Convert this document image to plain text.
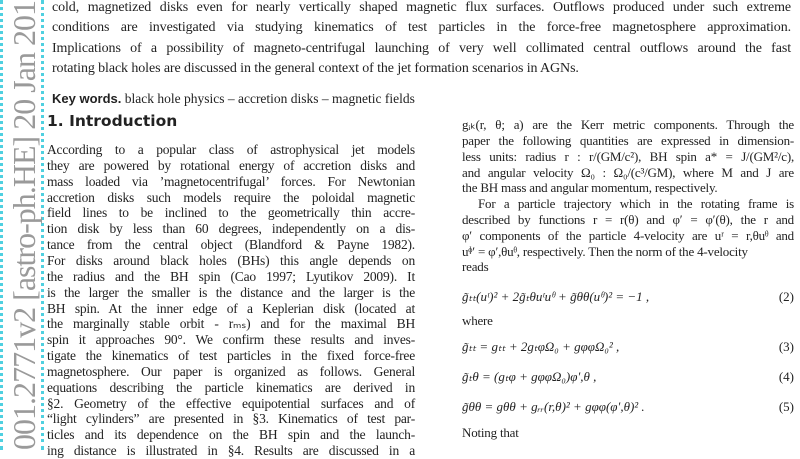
001.2771v2 [astro-ph.HE] 20 Jan 201 cold, magnetized disks even for nearly vertically shaped magnetic flux surfaces. Outflows produced under such extreme
conditions are investigated via studying kinematics of test particles in the force-free magnetosphere approximation.
Implications of a possibility of magneto-centrifugal launching of very well collimated central outflows around the fast
rotating black holes are discussed in the general context of the jet formation scenarios in AGNs.
Key words. black hole physics – accretion disks – magnetic fields
1. Introduction
According to a popular class of astrophysical jet models
they are powered by rotational energy of accretion disks and
mass loaded via ’magnetocentrifugal’ forces. For Newtonian
accretion disks such models require the poloidal magnetic
field lines to be inclined to the geometrically thin accre-
tion disk by less than 60 degrees, independently on a dis-
tance from the central object (Blandford & Payne 1982).
For disks around black holes (BHs) this angle depends on
the radius and the BH spin (Cao 1997; Lyutikov 2009). It
is the larger the smaller is the distance and the larger is the
BH spin. At the inner edge of a Keplerian disk (located at
the marginally stable orbit - rₘₛ) and for the maximal BH
spin it approaches 90°. We confirm these results and inves-
tigate the kinematics of test particles in the fixed force-free
magnetosphere. Our paper is organized as follows. General
equations describing the particle kinematics are derived in
§2. Geometry of the effective equipotential surfaces and of
“light cylinders” are presented in §3. Kinematics of test par-
ticles and its dependence on the BH spin and the launch-
ing distance is illustrated in §4. Results are discussed in a
gᵢₖ(r, θ; a) are the Kerr metric components. Through the
paper the following quantities are expressed in dimension-
less units: radius r : r/(GM/c²), BH spin a* = J/(GM²/c),
and angular velocity Ω₀ : Ω₀/(c³/GM), where M and J are
the BH mass and angular momentum, respectively.
For a particle trajectory which in the rotating frame is
described by functions r = r(θ) and φ′ = φ′(θ), the r and
φ′ components of the particle 4-velocity are uʳ = r,θuᶿ and
uᶲ′ = φ′,θuᶿ, respectively. Then the norm of the 4-velocity
reads
g̃ₜₜ(uᵗ)² + 2g̃ₜθuᵗuᶿ + g̃θθ(uᶿ)² = −1 ,	(2)
g̃ₜₜ = gₜₜ + 2gₜφΩ₀ + gφφΩ₀² ,	(3)
g̃ₜθ = (gₜφ + gφφΩ₀)φ′,θ ,	(4)
g̃θθ = gθθ + gᵣᵣ(r,θ)² + gφφ(φ′,θ)² .	(5)
where
Noting that
